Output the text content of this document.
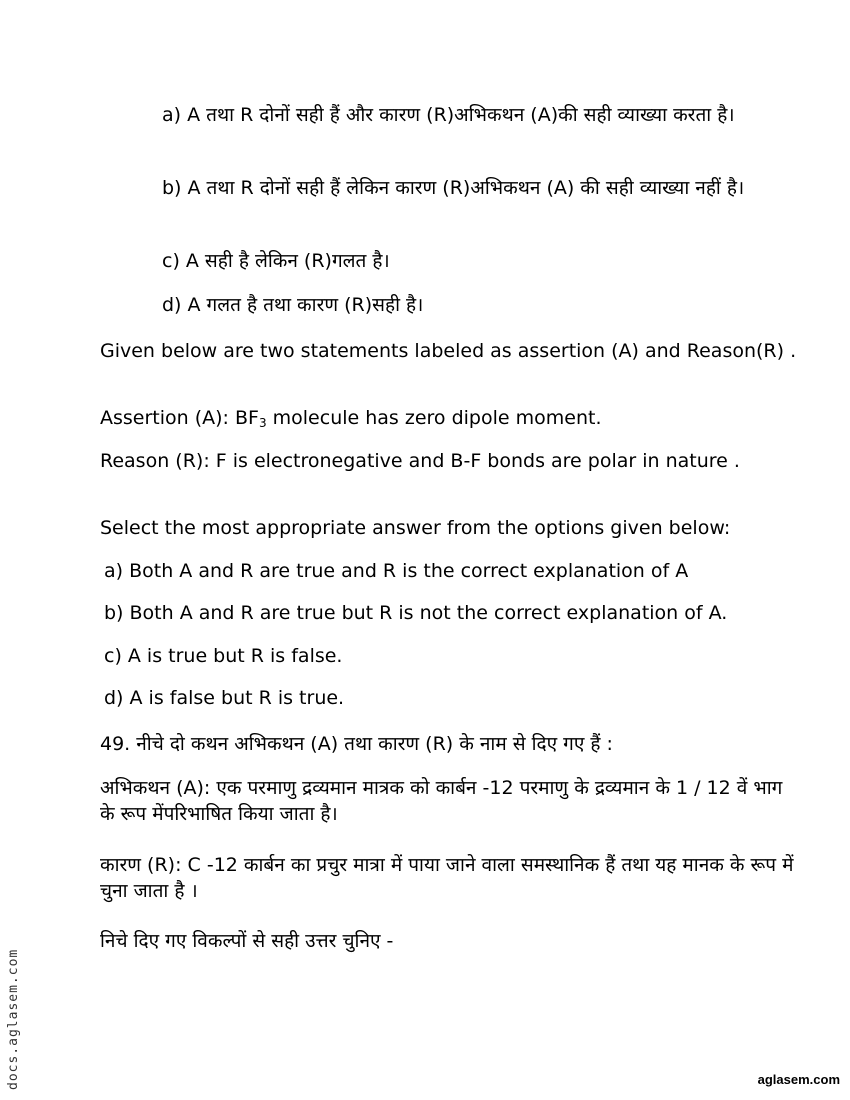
a) A तथा R दोनों सही हैं और कारण (R)अभिकथन (A)की सही व्याख्या करता है।

b) A तथा R दोनों सही हैं लेकिन कारण (R)अभिकथन (A) की सही व्याख्या नहीं है।

c) A सही है लेकिन (R)गलत है।

d) A गलत है तथा कारण (R)सही है।

Given below are two statements labeled as assertion (A) and Reason(R) .

Assertion (A): $BF_3$ molecule has zero dipole moment.

Reason (R): F is electronegative and B-F bonds are polar in nature .

Select the most appropriate answer from the options given below:

a) Both A and R are true and R is the correct explanation of A

b) Both A and R are true but R is not the correct explanation of A.

c) A is true but R is false.

d) A is false but R is true.

49. नीचे दो कथन अभिकथन (A) तथा कारण (R) के नाम से दिए गए हैं :

अभिकथन (A): एक परमाणु द्रव्यमान मात्रक को कार्बन -12 परमाणु के द्रव्यमान के 1 / 12 वें भाग के रूप मेंपरिभाषित किया जाता है।

कारण (R): C -12 कार्बन का प्रचुर मात्रा में पाया जाने वाला समस्थानिक हैं तथा यह मानक के रूप में चुना जाता है ।

निचे दिए गए विकल्पों से सही उत्तर चुनिए -

docs.aglasem.com	aglasem.com
